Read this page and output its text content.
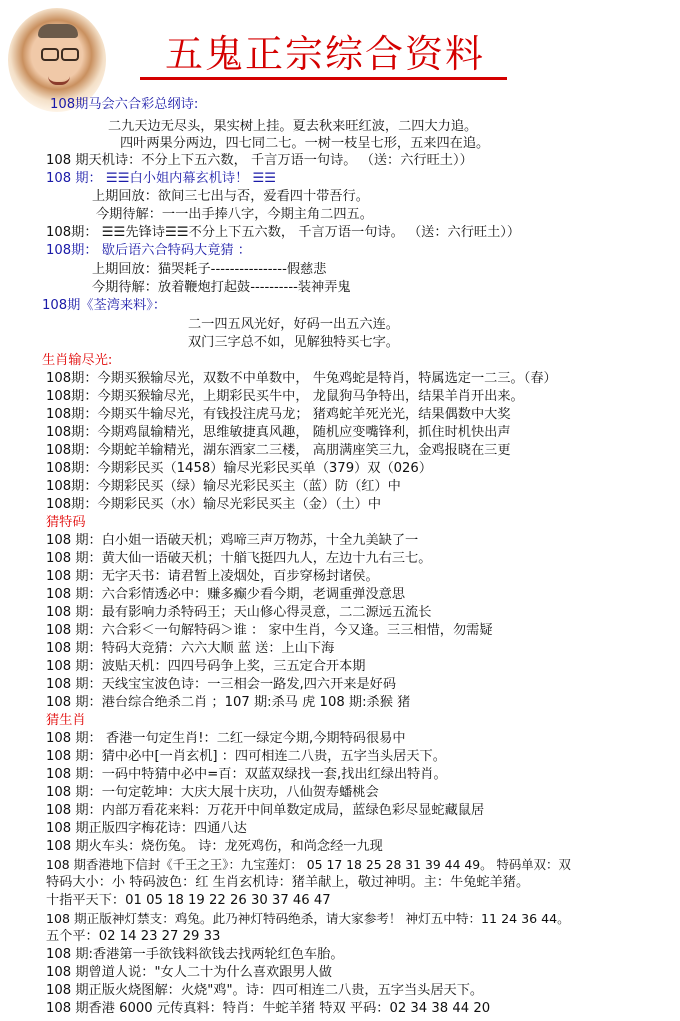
五鬼正宗综合资料
108期马会六合彩总纲诗:
二九天边无尽头，果实树上挂。夏去秋来旺红波，二四大力追。
四叶两果分两边，四七同二七。一树一枝呈七形，五来四在追。
108 期天机诗：不分上下五六数， 千言万语一句诗。 （送：六行旺土））
108 期： ☰☰白小姐内幕玄机诗！ ☰☰
上期回放：欲间三七出与否，爱看四十带吾行。
今期待解：一一出手捧八字，今期主角二四五。
108期： ☰☰先锋诗☰☰不分上下五六数， 千言万语一句诗。 （送：六行旺土））
108期： 歇后语六合特码大竟猜 ：
上期回放：猫哭耗子----------------假慈悲
今期待解：放着鞭炮打起鼓----------装神弄鬼
108期《荃湾来料》：
二一四五风光好，好码一出五六连。
双门三字总不如，见解独特买七字。
生肖输尽光:
108期：今期买猴输尽光，双数不中单数中， 牛兔鸡蛇是特肖，特属选定一二三。（春）
108期：今期买猴输尽光，上期彩民买牛中， 龙鼠狗马争特出，结果羊肖开出来。
108期：今期买牛输尽光，有钱投注虎马龙； 猪鸡蛇羊死光光，结果偶数中大奖
108期：今期鸡鼠输精光，思维敏捷真风趣， 随机应变嘴锋利，抓住时机快出声
108期：今期蛇羊输精光，湖东酒家二三楼， 高朋满座笑三九，金鸡报晓在三更
108期：今期彩民买（1458）输尽光彩民买单（379）双（026）
108期：今期彩民买（绿）输尽光彩民买主（蓝）防（红）中
108期：今期彩民买（水）输尽光彩民买主（金）（土）中
猜特码
108 期：白小姐一语破天机；鸡啼三声万物苏，十全九美缺了一
108 期：黄大仙一语破天机；十艏飞挺四九人，左边十九右三七。
108 期：无字天书：请君暂上凌烟处，百步穿杨封诸侯。
108 期：六合彩情透必中：赚多癫少看今期，老调重弹没意思
108 期：最有影响力杀特码王；天山修心得灵意，二二源远五流长
108 期：六合彩＜一句解特码＞谁 ： 家中生肖，今又逢。三三相惜，勿需疑
108 期：特码大竞猜：六六大顺 蓝 送：上山下海
108 期：波贴天机：四四号码争上奖，三五定合开本期
108 期：天线宝宝波色诗：一三相会一路发,四六开来是好码
108 期：港台综合绝杀二肖 ；107 期:杀马 虎 108 期:杀猴 猪
猜生肖
108 期： 香港一句定生肖!：二红一绿定今期,今期特码很易中
108 期：猜中必中[一肖玄机] ：四可相连二八贵，五字当头居天下。
108 期：一码中特猜中必中=百：双蓝双绿找一套,找出红绿出特肖。
108 期：一句定乾坤：大庆大展十庆功，八仙贺寿蟠桃会
108 期：内部万看花来料：万花开中间单数定成局，蓝绿色彩尽显蛇藏鼠居
108 期正版四字梅花诗：四通八达
108 期火车头：烧伤兔。 诗：龙死鸡伤，和尚念经一九现
108 期香港地下信封《千王之王》：九宝莲灯： 05 17 18 25 28 31 39 44 49。 特码单双：双
特码大小：小 特码波色：红 生肖玄机诗：猪羊献上，敬过神明。主：牛兔蛇羊猪。
十指平天下：01 05 18 19 22 26 30 37 46 47
108 期正版神灯禁支：鸡兔。此乃神灯特码绝杀，请大家参考！ 神灯五中特：11 24 36 44。
五个平：02 14 23 27 29 33
108 期:香港第一手欲钱料欲钱去找两轮红色车胎。
108 期曾道人说："女人二十为什么喜欢跟男人做
108 期正版火烧图解：火烧"鸡"。诗：四可相连二八贵，五字当头居天下。
108 期香港 6000 元传真料：特肖：牛蛇羊猪 特双 平码：02 34 38 44 20
